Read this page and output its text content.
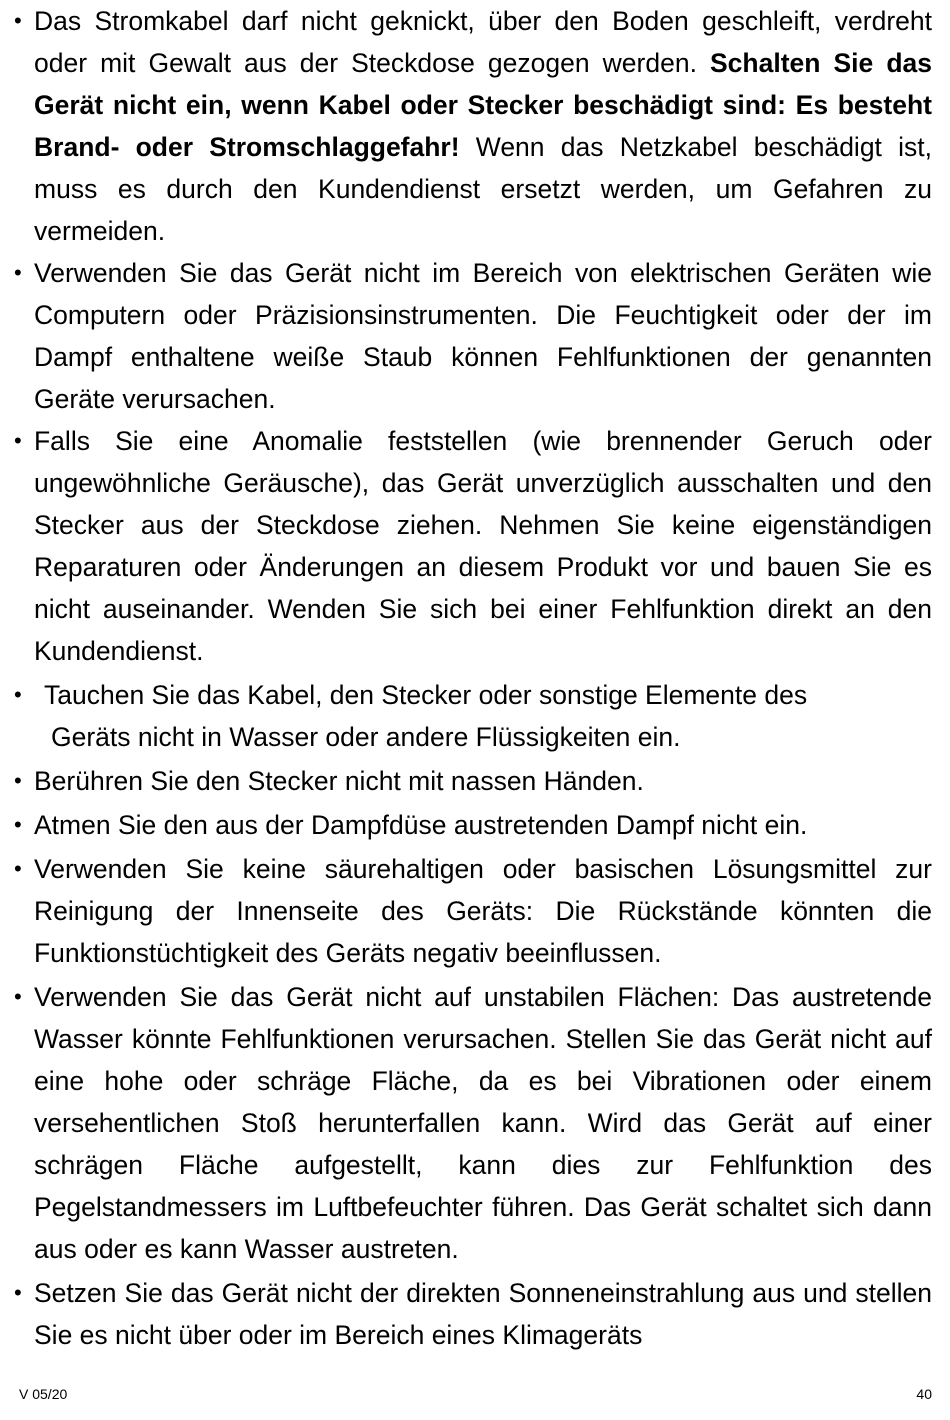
• Das Stromkabel darf nicht geknickt, über den Boden geschleift, verdreht oder mit Gewalt aus der Steckdose gezogen werden. Schalten Sie das Gerät nicht ein, wenn Kabel oder Stecker beschädigt sind: Es besteht Brand- oder Stromschlaggefahr! Wenn das Netzkabel beschädigt ist, muss es durch den Kundendienst ersetzt werden, um Gefahren zu vermeiden.
• Verwenden Sie das Gerät nicht im Bereich von elektrischen Geräten wie Computern oder Präzisionsinstrumenten. Die Feuchtigkeit oder der im Dampf enthaltene weiße Staub können Fehlfunktionen der genannten Geräte verursachen.
• Falls Sie eine Anomalie feststellen (wie brennender Geruch oder ungewöhnliche Geräusche), das Gerät unverzüglich ausschalten und den Stecker aus der Steckdose ziehen. Nehmen Sie keine eigenständigen Reparaturen oder Änderungen an diesem Produkt vor und bauen Sie es nicht auseinander. Wenden Sie sich bei einer Fehlfunktion direkt an den Kundendienst.
• Tauchen Sie das Kabel, den Stecker oder sonstige Elemente des
Geräts nicht in Wasser oder andere Flüssigkeiten ein.
• Berühren Sie den Stecker nicht mit nassen Händen.
• Atmen Sie den aus der Dampfdüse austretenden Dampf nicht ein.
• Verwenden Sie keine säurehaltigen oder basischen Lösungsmittel zur Reinigung der Innenseite des Geräts: Die Rückstände könnten die Funktionstüchtigkeit des Geräts negativ beeinflussen.
• Verwenden Sie das Gerät nicht auf unstabilen Flächen: Das austretende Wasser könnte Fehlfunktionen verursachen. Stellen Sie das Gerät nicht auf eine hohe oder schräge Fläche, da es bei Vibrationen oder einem versehentlichen Stoß herunterfallen kann. Wird das Gerät auf einer schrägen Fläche aufgestellt, kann dies zur Fehlfunktion des Pegelstandmessers im Luftbefeuchter führen. Das Gerät schaltet sich dann aus oder es kann Wasser austreten.
• Setzen Sie das Gerät nicht der direkten Sonneneinstrahlung aus und stellen Sie es nicht über oder im Bereich eines Klimageräts
V 05/20	40
